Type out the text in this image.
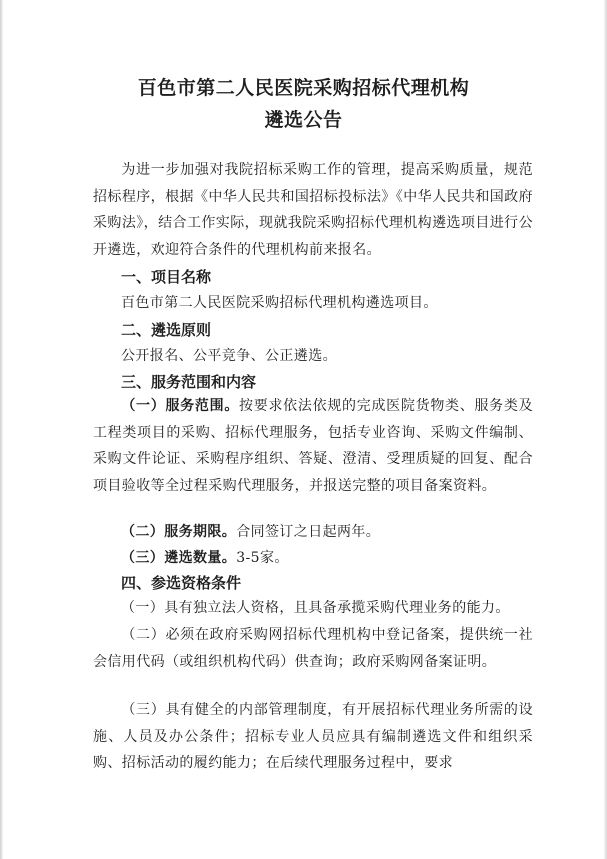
百色市第二人民医院采购招标代理机构
遴选公告

为进一步加强对我院招标采购工作的管理，提高采购质量，规范招标程序，根据《中华人民共和国招标投标法》《中华人民共和国政府采购法》，结合工作实际，现就我院采购招标代理机构遴选项目进行公开遴选，欢迎符合条件的代理机构前来报名。

一、项目名称

百色市第二人民医院采购招标代理机构遴选项目。

二、遴选原则

公开报名、公平竞争、公正遴选。

三、服务范围和内容

（一）服务范围。按要求依法依规的完成医院货物类、服务类及工程类项目的采购、招标代理服务，包括专业咨询、采购文件编制、采购文件论证、采购程序组织、答疑、澄清、受理质疑的回复、配合项目验收等全过程采购代理服务，并报送完整的项目备案资料。

（二）服务期限。合同签订之日起两年。

（三）遴选数量。3-5家。

四、参选资格条件

（一）具有独立法人资格，且具备承揽采购代理业务的能力。

（二）必须在政府采购网招标代理机构中登记备案，提供统一社会信用代码（或组织机构代码）供查询；政府采购网备案证明。

（三）具有健全的内部管理制度，有开展招标代理业务所需的设施、人员及办公条件；招标专业人员应具有编制遴选文件和组织采购、招标活动的履约能力；在后续代理服务过程中，要求
